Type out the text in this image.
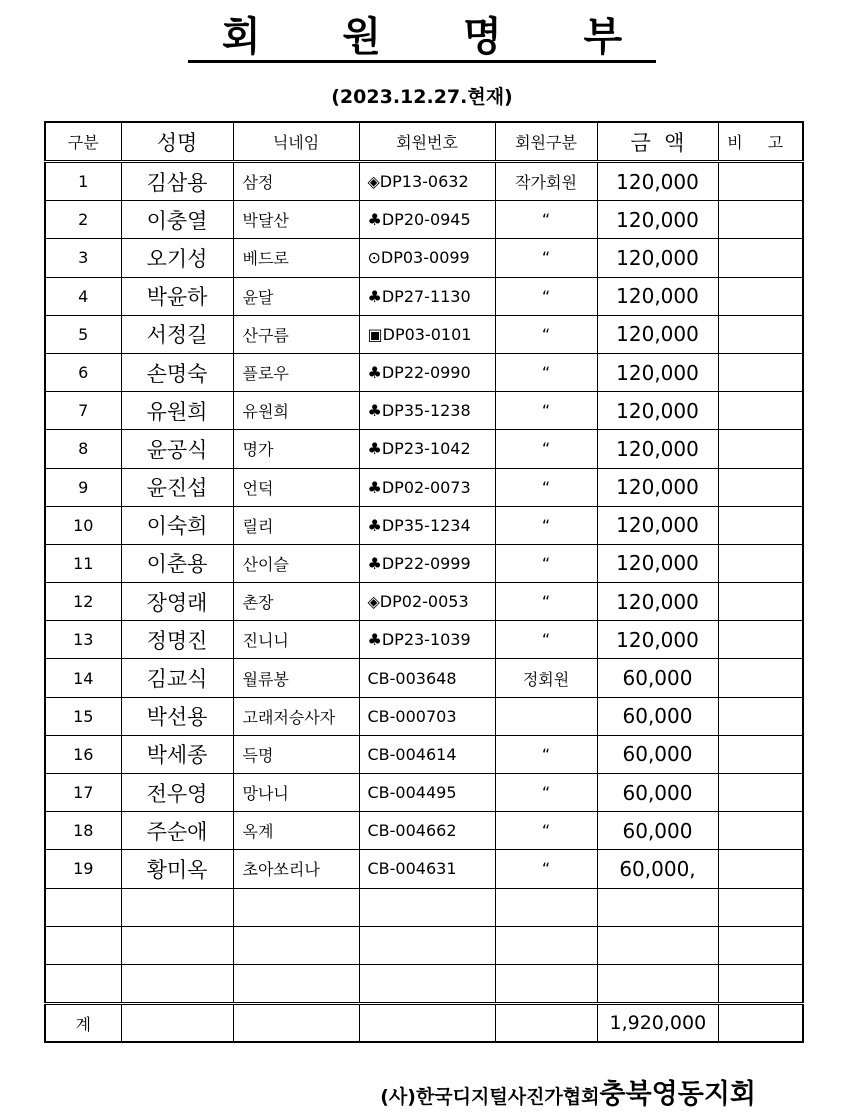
회 원 명 부
(2023.12.27.현재)
구분	성명	닉네임	회원번호	회원구분	금  액	비 고
1	김삼용	삼정	◈DP13-0632	작가회원	120,000	
2	이충열	박달산	♣DP20-0945	“	120,000	
3	오기성	베드로	⊙DP03-0099	“	120,000	
4	박윤하	윤달	♣DP27-1130	“	120,000	
5	서정길	산구름	▣DP03-0101	“	120,000	
6	손명숙	플로우	♣DP22-0990	“	120,000	
7	유원희	유원희	♣DP35-1238	“	120,000	
8	윤공식	명가	♣DP23-1042	“	120,000	
9	윤진섭	언덕	♣DP02-0073	“	120,000	
10	이숙희	릴리	♣DP35-1234	“	120,000	
11	이춘용	산이슬	♣DP22-0999	“	120,000	
12	장영래	촌장	◈DP02-0053	“	120,000	
13	정명진	진니니	♣DP23-1039	“	120,000	
14	김교식	월류봉	CB-003648	정회원	60,000	
15	박선용	고래저승사자	CB-000703		60,000	
16	박세종	득명	CB-004614	“	60,000	
17	전우영	망나니	CB-004495	“	60,000	
18	주순애	옥계	CB-004662	“	60,000	
19	황미옥	초아쏘리나	CB-004631	“	60,000,	

계					1,920,000	
(사)한국디지털사진가협회충북영동지회
